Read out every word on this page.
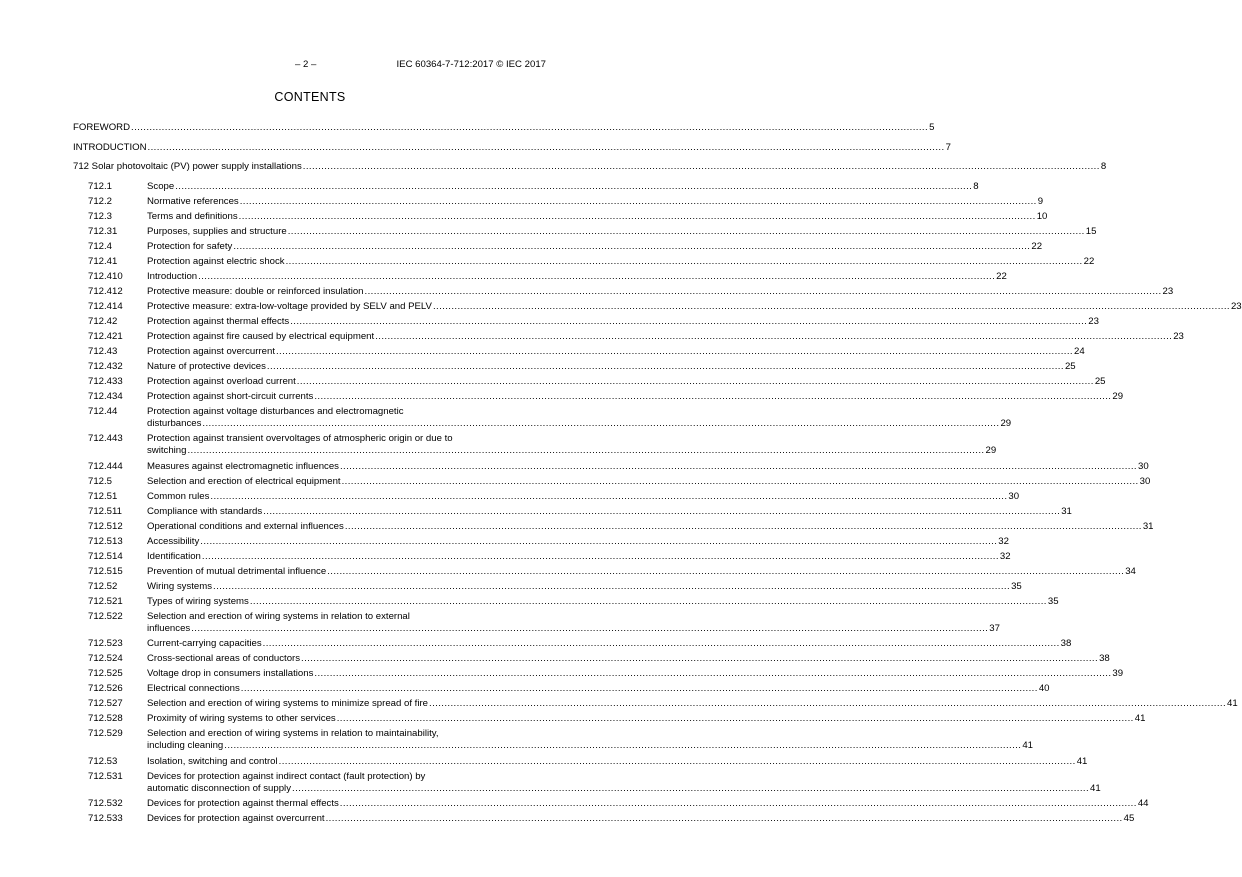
– 2 –	IEC 60364-7-712:2017 © IEC 2017
CONTENTS
FOREWORD .................................................................................................................................................................................................................................................................... 5
INTRODUCTION .................................................................................................................................................................................................................................................................... 7
712 Solar photovoltaic (PV) power supply installations .................................................................................................................................................................................................................................................................... 8
712.1	Scope .................................................................................................................................................................................................................................................................... 8
712.2	Normative references .................................................................................................................................................................................................................................................................... 9
712.3	Terms and definitions .................................................................................................................................................................................................................................................................... 10
712.31	Purposes, supplies and structure .................................................................................................................................................................................................................................................................... 15
712.4	Protection for safety .................................................................................................................................................................................................................................................................... 22
712.41	Protection against electric shock .................................................................................................................................................................................................................................................................... 22
712.410	Introduction .................................................................................................................................................................................................................................................................... 22
712.412	Protective measure: double or reinforced insulation .................................................................................................................................................................................................................................................................... 23
712.414	Protective measure: extra-low-voltage provided by SELV and PELV .................................................................................................................................................................................................................................................................... 23
712.42	Protection against thermal effects .................................................................................................................................................................................................................................................................... 23
712.421	Protection against fire caused by electrical equipment .................................................................................................................................................................................................................................................................... 23
712.43	Protection against overcurrent .................................................................................................................................................................................................................................................................... 24
712.432	Nature of protective devices .................................................................................................................................................................................................................................................................... 25
712.433	Protection against overload current .................................................................................................................................................................................................................................................................... 25
712.434	Protection against short-circuit currents .................................................................................................................................................................................................................................................................... 29
712.44	Protection against voltage disturbances and electromagnetic
disturbances .................................................................................................................................................................................................................................................................... 29
712.443	Protection against transient overvoltages of atmospheric origin or due to
switching .................................................................................................................................................................................................................................................................... 29
712.444	Measures against electromagnetic influences .................................................................................................................................................................................................................................................................... 30
712.5	Selection and erection of electrical equipment .................................................................................................................................................................................................................................................................... 30
712.51	Common rules .................................................................................................................................................................................................................................................................... 30
712.511	Compliance with standards .................................................................................................................................................................................................................................................................... 31
712.512	Operational conditions and external influences .................................................................................................................................................................................................................................................................... 31
712.513	Accessibility .................................................................................................................................................................................................................................................................... 32
712.514	Identification .................................................................................................................................................................................................................................................................... 32
712.515	Prevention of mutual detrimental influence .................................................................................................................................................................................................................................................................... 34
712.52	Wiring systems .................................................................................................................................................................................................................................................................... 35
712.521	Types of wiring systems .................................................................................................................................................................................................................................................................... 35
712.522	Selection and erection of wiring systems in relation to external
influences .................................................................................................................................................................................................................................................................... 37
712.523	Current-carrying capacities .................................................................................................................................................................................................................................................................... 38
712.524	Cross-sectional areas of conductors .................................................................................................................................................................................................................................................................... 38
712.525	Voltage drop in consumers installations .................................................................................................................................................................................................................................................................... 39
712.526	Electrical connections .................................................................................................................................................................................................................................................................... 40
712.527	Selection and erection of wiring systems to minimize spread of fire .................................................................................................................................................................................................................................................................... 41
712.528	Proximity of wiring systems to other services .................................................................................................................................................................................................................................................................... 41
712.529	Selection and erection of wiring systems in relation to maintainability,
including cleaning .................................................................................................................................................................................................................................................................... 41
712.53	Isolation, switching and control .................................................................................................................................................................................................................................................................... 41
712.531	Devices for protection against indirect contact (fault protection) by
automatic disconnection of supply .................................................................................................................................................................................................................................................................... 41
712.532	Devices for protection against thermal effects .................................................................................................................................................................................................................................................................... 44
712.533	Devices for protection against overcurrent .................................................................................................................................................................................................................................................................... 45
